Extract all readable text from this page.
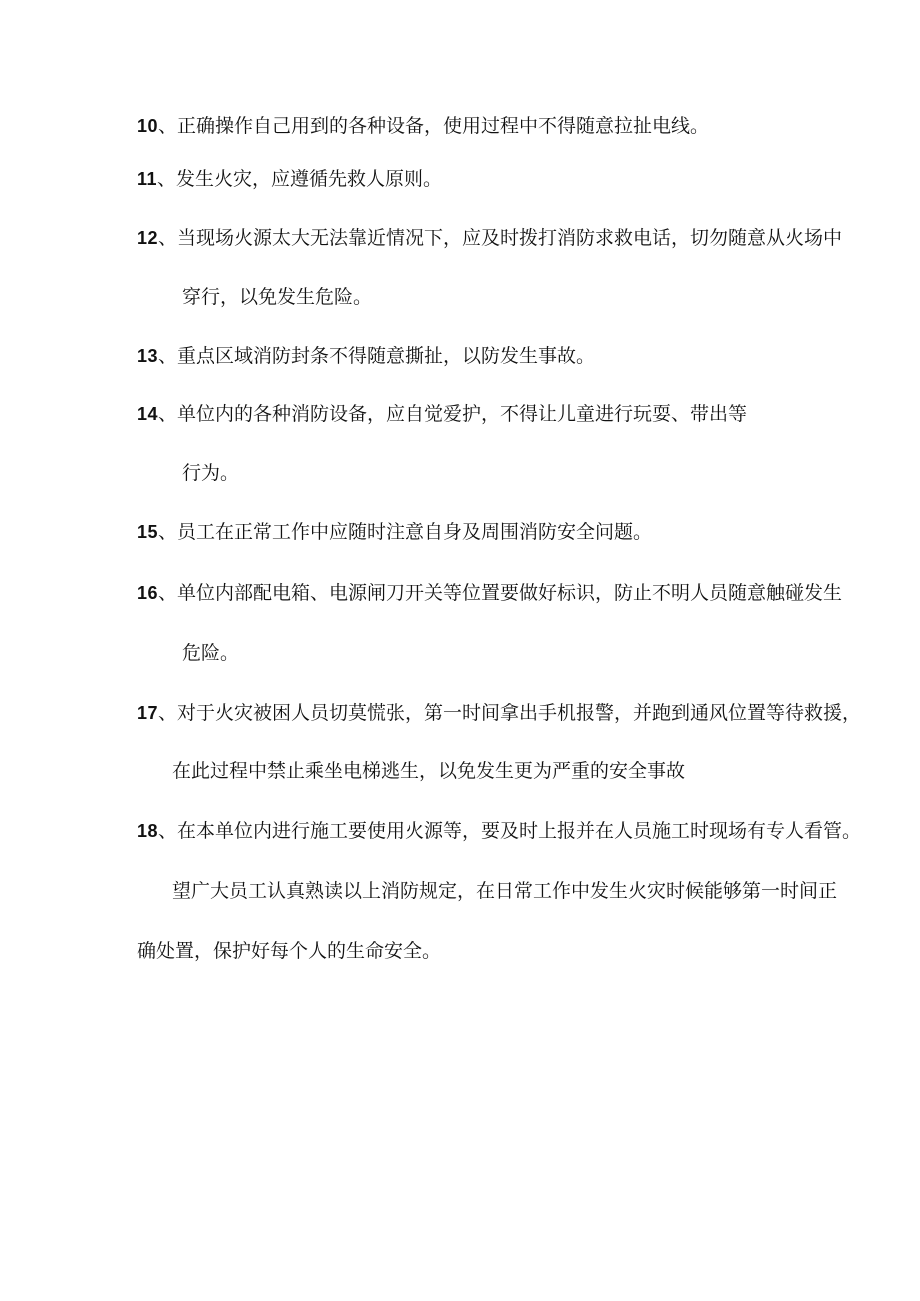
10、正确操作自己用到的各种设备，使用过程中不得随意拉扯电线。
11、发生火灾，应遵循先救人原则。
12、当现场火源太大无法靠近情况下，应及时拨打消防求救电话，切勿随意从火场中
穿行，以免发生危险。
13、重点区域消防封条不得随意撕扯，以防发生事故。
14、单位内的各种消防设备，应自觉爱护，不得让儿童进行玩耍、带出等
行为。
15、员工在正常工作中应随时注意自身及周围消防安全问题。
16、单位内部配电箱、电源闸刀开关等位置要做好标识，防止不明人员随意触碰发生
危险。
17、对于火灾被困人员切莫慌张，第一时间拿出手机报警，并跑到通风位置等待救援，
在此过程中禁止乘坐电梯逃生，以免发生更为严重的安全事故
18、在本单位内进行施工要使用火源等，要及时上报并在人员施工时现场有专人看管。
望广大员工认真熟读以上消防规定，在日常工作中发生火灾时候能够第一时间正
确处置，保护好每个人的生命安全。
